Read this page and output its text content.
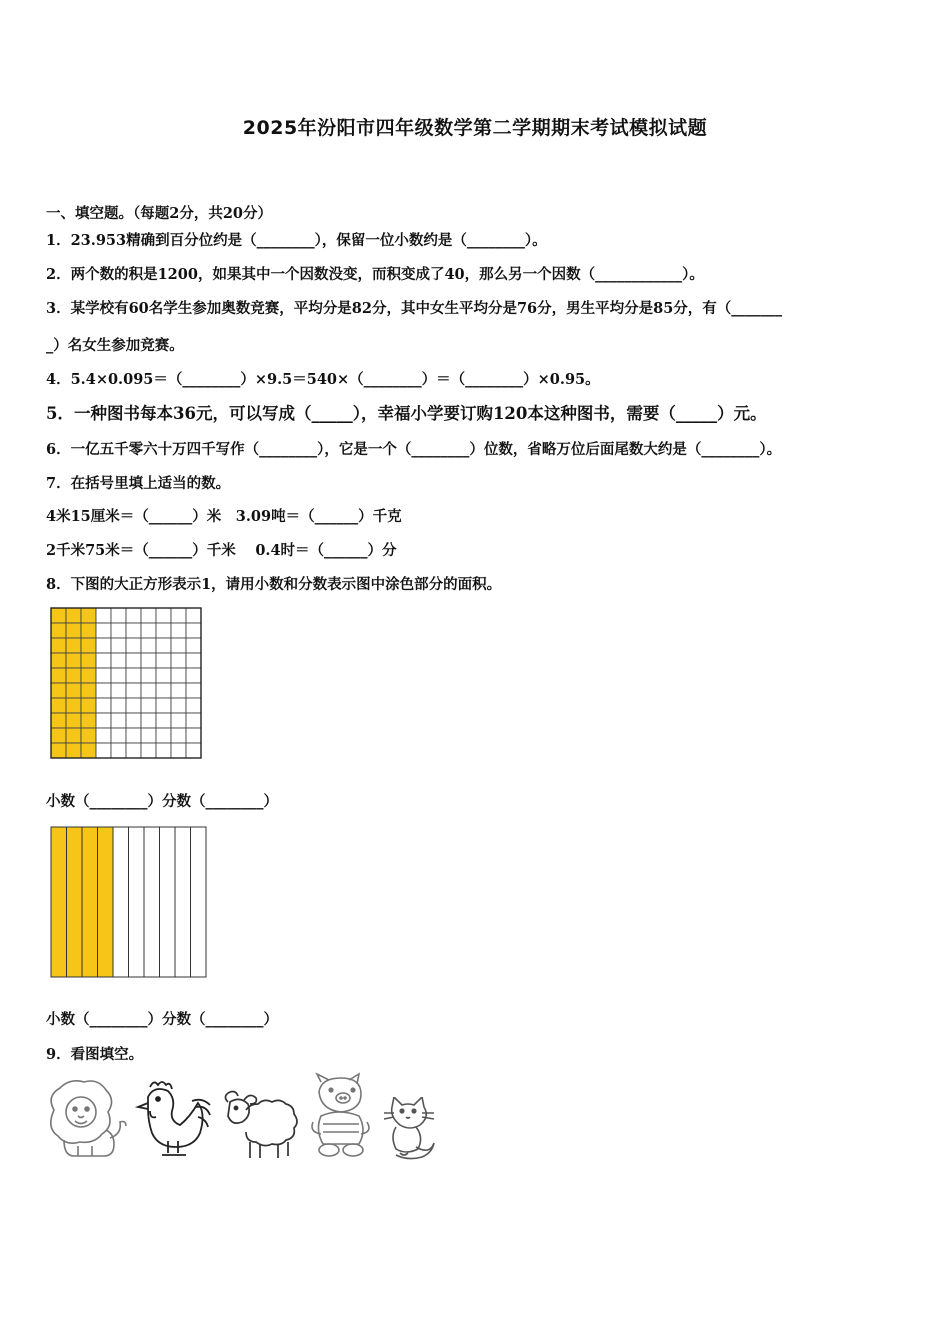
2025年汾阳市四年级数学第二学期期末考试模拟试题
一、填空题。（每题2分，共20分）
1．23.953精确到百分位约是（________），保留一位小数约是（________）。
2．两个数的积是1200，如果其中一个因数没变，而积变成了40，那么另一个因数（____________）。
3．某学校有60名学生参加奥数竞赛，平均分是82分，其中女生平均分是76分，男生平均分是85分，有（_______
_）名女生参加竞赛。
4．5.4×0.095＝（________）×9.5＝540×（________）＝（________）×0.95。
5．一种图书每本36元，可以写成（_____），幸福小学要订购120本这种图书，需要（_____）元。
6．一亿五千零六十万四千写作（________），它是一个（________）位数，省略万位后面尾数大约是（________）。
7．在括号里填上适当的数。
4米15厘米＝（______）米　3.09吨＝（______）千克
2千米75米＝（______）千米　 0.4时＝（______）分
8．下图的大正方形表示1，请用小数和分数表示图中涂色部分的面积。
小数（________）分数（________）
小数（________）分数（________）
9．看图填空。
